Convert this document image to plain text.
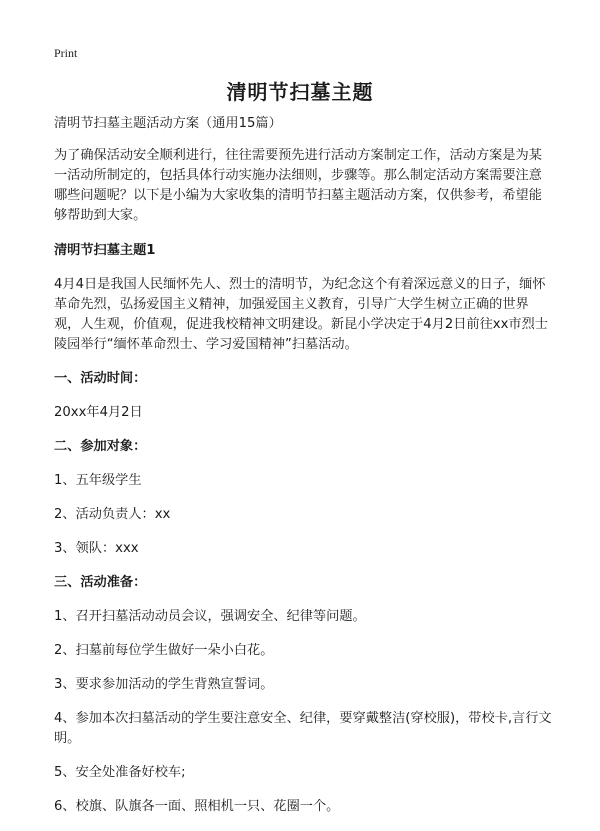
Print
清明节扫墓主题

清明节扫墓主题活动方案（通用15篇）

为了确保活动安全顺利进行，往往需要预先进行活动方案制定工作，活动方案是为某一活动所制定的，包括具体行动实施办法细则，步骤等。那么制定活动方案需要注意哪些问题呢？以下是小编为大家收集的清明节扫墓主题活动方案，仅供参考，希望能够帮助到大家。

清明节扫墓主题1

4月4日是我国人民缅怀先人、烈士的清明节，为纪念这个有着深远意义的日子，缅怀革命先烈，弘扬爱国主义精神，加强爱国主义教育，引导广大学生树立正确的世界观，人生观，价值观，促进我校精神文明建设。新昆小学决定于4月2日前往xx市烈士陵园举行“缅怀革命烈士、学习爱国精神”扫墓活动。

一、活动时间：

20xx年4月2日

二、参加对象：

1、五年级学生

2、活动负责人：xx

3、领队：xxx

三、活动准备：

1、召开扫墓活动动员会议，强调安全、纪律等问题。

2、扫墓前每位学生做好一朵小白花。

3、要求参加活动的学生背熟宣誓词。

4、参加本次扫墓活动的学生要注意安全、纪律，要穿戴整洁(穿校服)，带校卡,言行文明。

5、安全处准备好校车;

6、校旗、队旗各一面、照相机一只、花圈一个。
